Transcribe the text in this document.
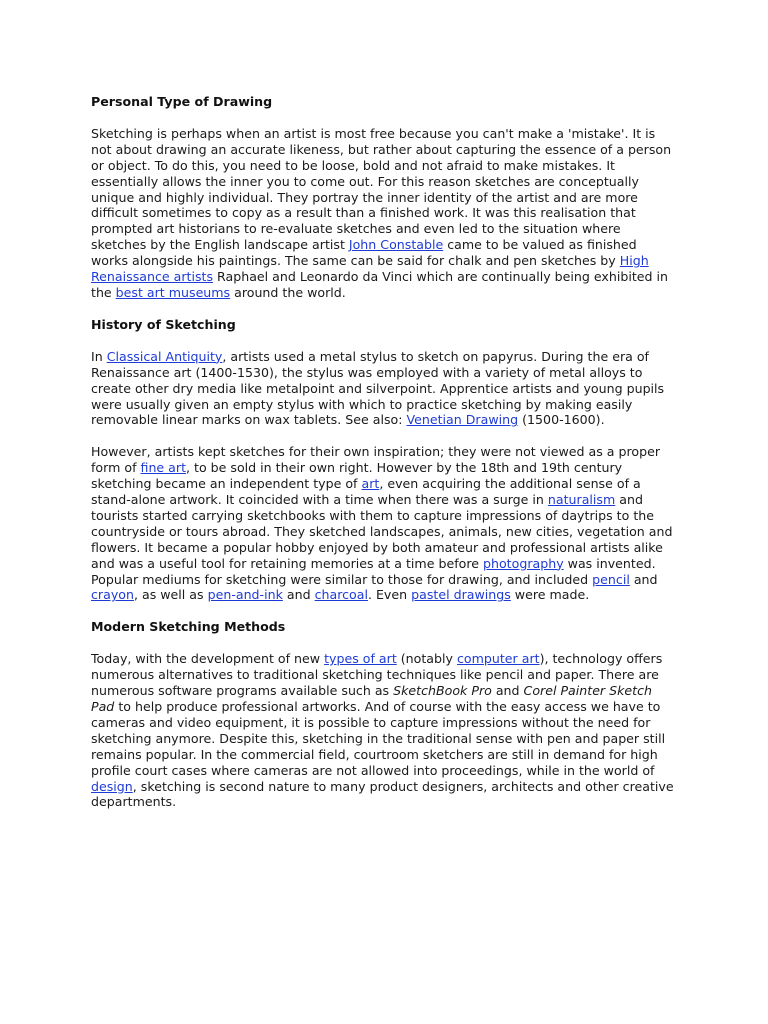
Personal Type of Drawing

Sketching is perhaps when an artist is most free because you can't make a 'mistake'. It is not about drawing an accurate likeness, but rather about capturing the essence of a person or object. To do this, you need to be loose, bold and not afraid to make mistakes. It essentially allows the inner you to come out. For this reason sketches are conceptually unique and highly individual. They portray the inner identity of the artist and are more difficult sometimes to copy as a result than a finished work. It was this realisation that prompted art historians to re-evaluate sketches and even led to the situation where sketches by the English landscape artist John Constable came to be valued as finished works alongside his paintings. The same can be said for chalk and pen sketches by High Renaissance artists Raphael and Leonardo da Vinci which are continually being exhibited in the best art museums around the world.

History of Sketching

In Classical Antiquity, artists used a metal stylus to sketch on papyrus. During the era of Renaissance art (1400-1530), the stylus was employed with a variety of metal alloys to create other dry media like metalpoint and silverpoint. Apprentice artists and young pupils were usually given an empty stylus with which to practice sketching by making easily removable linear marks on wax tablets. See also: Venetian Drawing (1500-1600).

However, artists kept sketches for their own inspiration; they were not viewed as a proper form of fine art, to be sold in their own right. However by the 18th and 19th century sketching became an independent type of art, even acquiring the additional sense of a stand-alone artwork. It coincided with a time when there was a surge in naturalism and tourists started carrying sketchbooks with them to capture impressions of daytrips to the countryside or tours abroad. They sketched landscapes, animals, new cities, vegetation and flowers. It became a popular hobby enjoyed by both amateur and professional artists alike and was a useful tool for retaining memories at a time before photography was invented. Popular mediums for sketching were similar to those for drawing, and included pencil and crayon, as well as pen-and-ink and charcoal. Even pastel drawings were made.

Modern Sketching Methods

Today, with the development of new types of art (notably computer art), technology offers numerous alternatives to traditional sketching techniques like pencil and paper. There are numerous software programs available such as SketchBook Pro and Corel Painter Sketch Pad to help produce professional artworks. And of course with the easy access we have to cameras and video equipment, it is possible to capture impressions without the need for sketching anymore. Despite this, sketching in the traditional sense with pen and paper still remains popular. In the commercial field, courtroom sketchers are still in demand for high profile court cases where cameras are not allowed into proceedings, while in the world of design, sketching is second nature to many product designers, architects and other creative departments.
